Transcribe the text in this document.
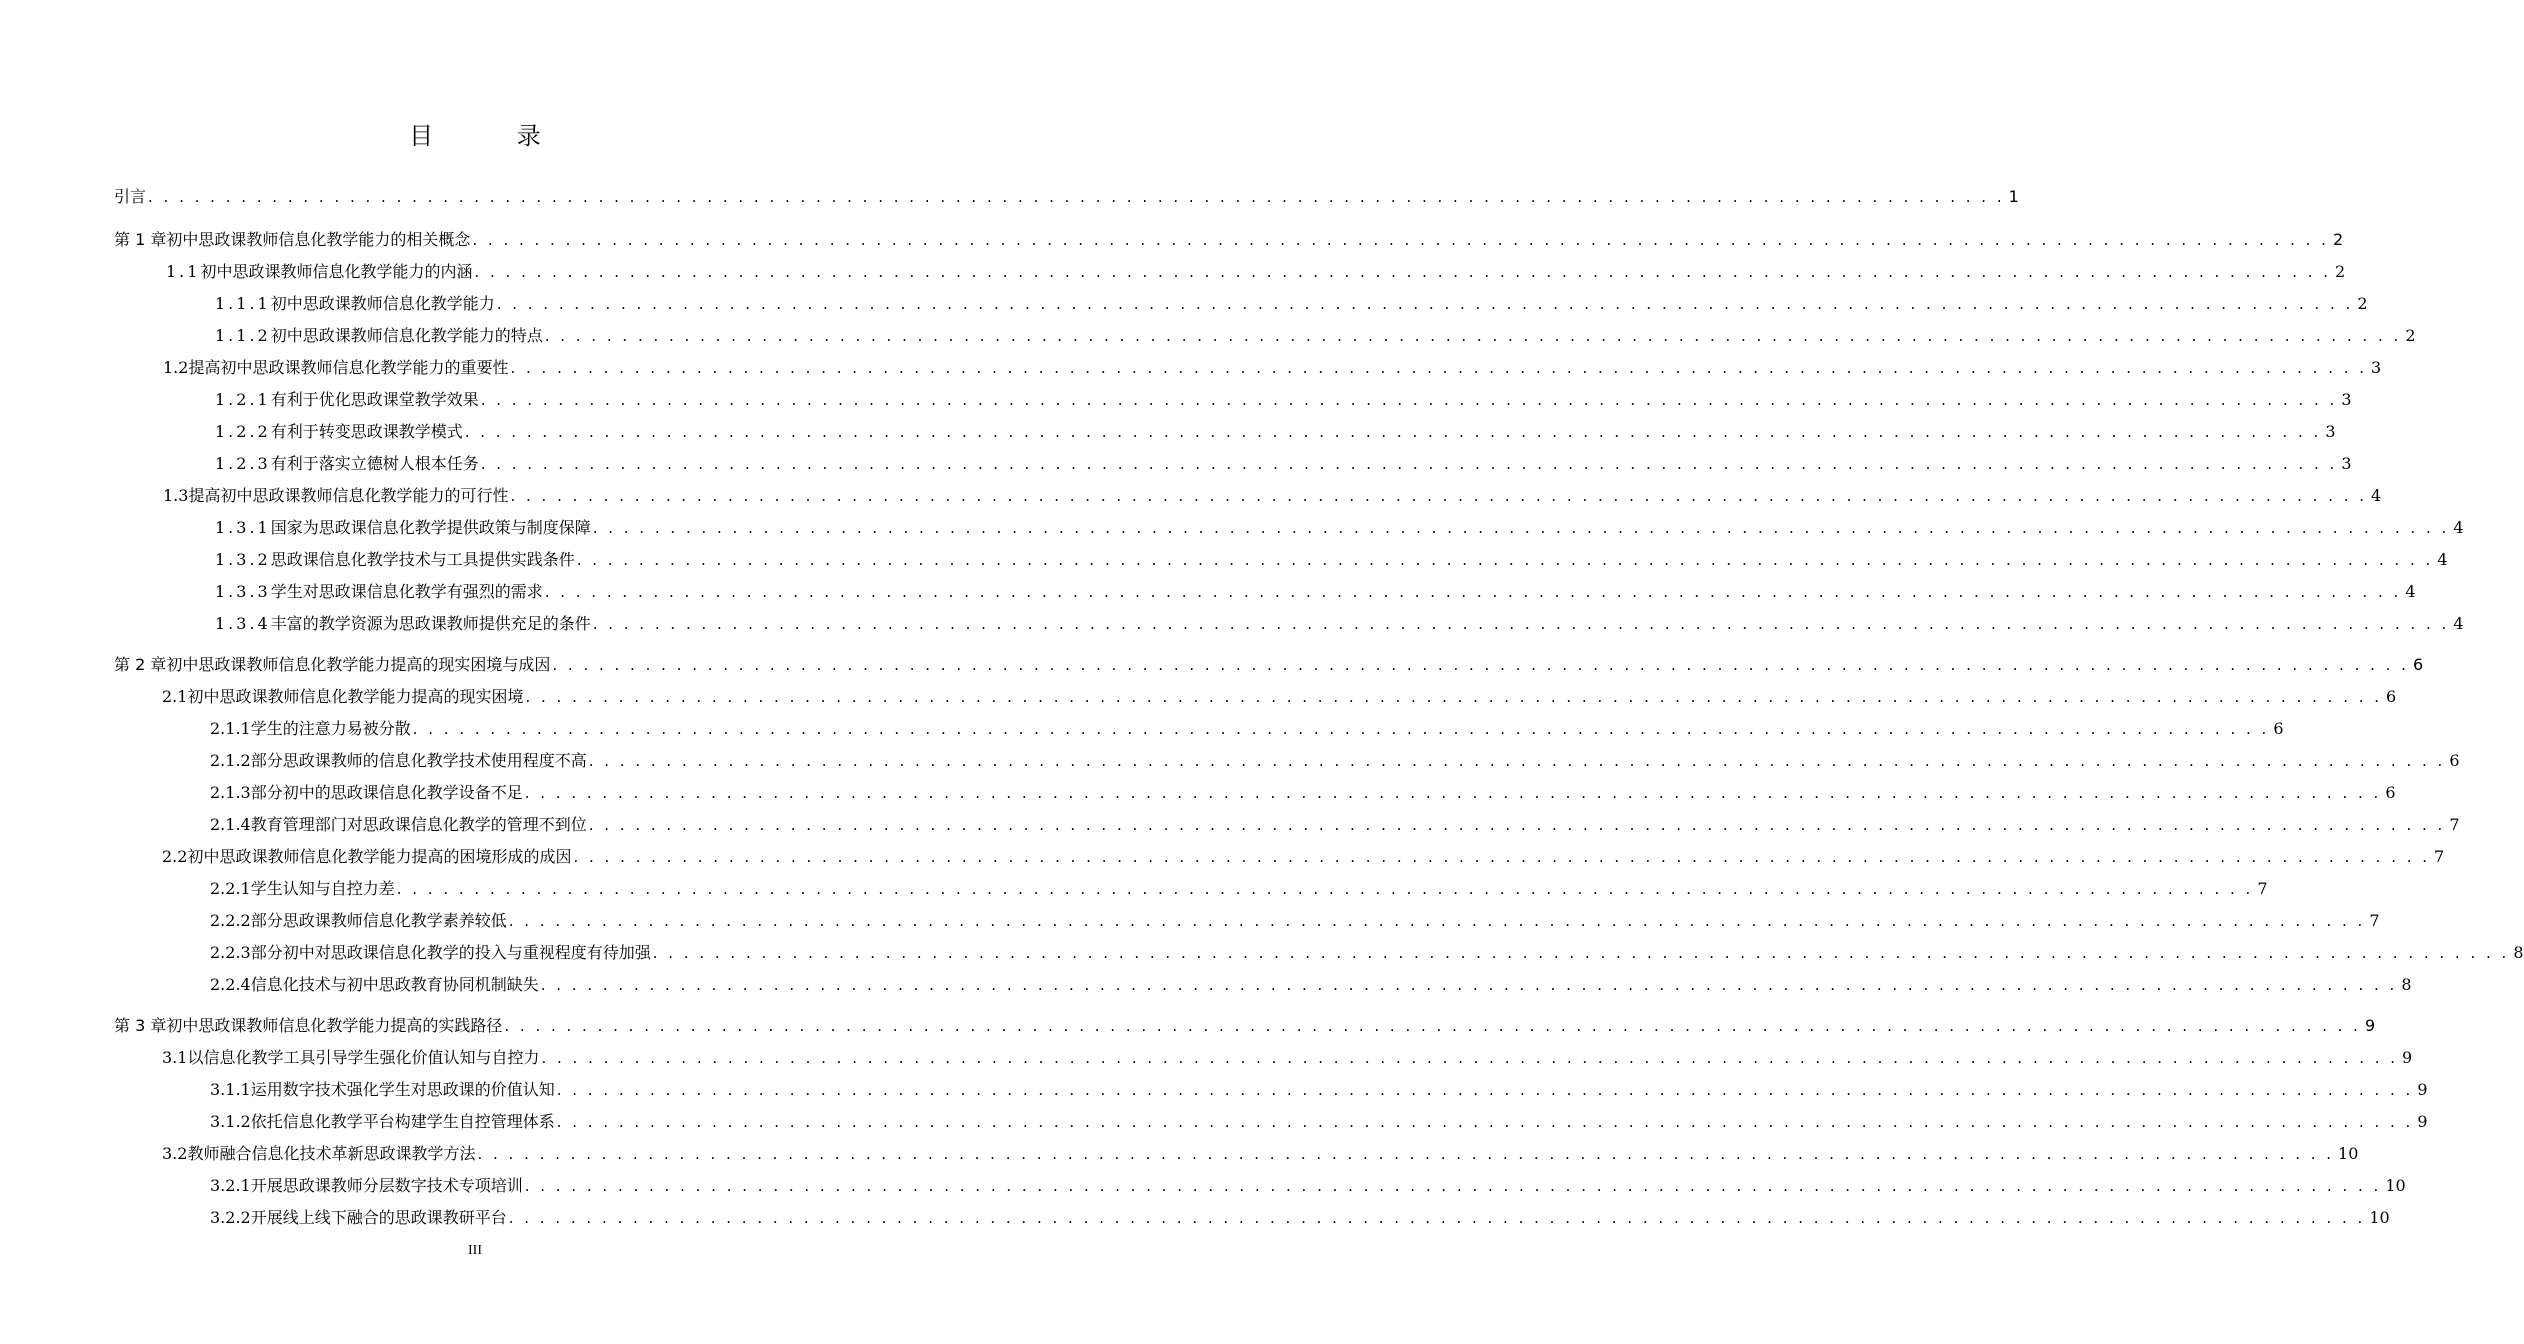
目 录
引言 . . . . . . . . . . . . . . . . . . . . . . . . . . . . . . . . . . . . . . . . . . . . . . . . . . . . . . . . . . . . . . . . . . . . . . . . . . . . . . . . . . . . . . . . . . . . . . . . . . . . . . . . . . . . . . . . . . . . . . . . 1
第 1 章 初中思政课教师信息化教学能力的相关概念 . . . . . . . . . . . . . . . . . . . . . . . . . . . . . . . . . . . . . . . . . . . . . . . . . . . . . . . . . . . . . . . . . . . . . . . . . . . . . . . . . . . . . . . . . . . . . . . . . . . . . . . . . . . . . . . . . . . . . . . . 2
1.1 初中思政课教师信息化教学能力的内涵 . . . . . . . . . . . . . . . . . . . . . . . . . . . . . . . . . . . . . . . . . . . . . . . . . . . . . . . . . . . . . . . . . . . . . . . . . . . . . . . . . . . . . . . . . . . . . . . . . . . . . . . . . . . . . . . . . . . . . . . . 2
1.1.1 初中思政课教师信息化教学能力 . . . . . . . . . . . . . . . . . . . . . . . . . . . . . . . . . . . . . . . . . . . . . . . . . . . . . . . . . . . . . . . . . . . . . . . . . . . . . . . . . . . . . . . . . . . . . . . . . . . . . . . . . . . . . . . . . . . . . . . . 2
1.1.2 初中思政课教师信息化教学能力的特点 . . . . . . . . . . . . . . . . . . . . . . . . . . . . . . . . . . . . . . . . . . . . . . . . . . . . . . . . . . . . . . . . . . . . . . . . . . . . . . . . . . . . . . . . . . . . . . . . . . . . . . . . . . . . . . . . . . . . . . . . 2
1.2 提高初中思政课教师信息化教学能力的重要性 . . . . . . . . . . . . . . . . . . . . . . . . . . . . . . . . . . . . . . . . . . . . . . . . . . . . . . . . . . . . . . . . . . . . . . . . . . . . . . . . . . . . . . . . . . . . . . . . . . . . . . . . . . . . . . . . . . . . . . . . 3
1.2.1 有利于优化思政课堂教学效果 . . . . . . . . . . . . . . . . . . . . . . . . . . . . . . . . . . . . . . . . . . . . . . . . . . . . . . . . . . . . . . . . . . . . . . . . . . . . . . . . . . . . . . . . . . . . . . . . . . . . . . . . . . . . . . . . . . . . . . . . 3
1.2.2 有利于转变思政课教学模式 . . . . . . . . . . . . . . . . . . . . . . . . . . . . . . . . . . . . . . . . . . . . . . . . . . . . . . . . . . . . . . . . . . . . . . . . . . . . . . . . . . . . . . . . . . . . . . . . . . . . . . . . . . . . . . . . . . . . . . . . 3
1.2.3 有利于落实立德树人根本任务 . . . . . . . . . . . . . . . . . . . . . . . . . . . . . . . . . . . . . . . . . . . . . . . . . . . . . . . . . . . . . . . . . . . . . . . . . . . . . . . . . . . . . . . . . . . . . . . . . . . . . . . . . . . . . . . . . . . . . . . . 3
1.3 提高初中思政课教师信息化教学能力的可行性 . . . . . . . . . . . . . . . . . . . . . . . . . . . . . . . . . . . . . . . . . . . . . . . . . . . . . . . . . . . . . . . . . . . . . . . . . . . . . . . . . . . . . . . . . . . . . . . . . . . . . . . . . . . . . . . . . . . . . . . . 4
1.3.1 国家为思政课信息化教学提供政策与制度保障 . . . . . . . . . . . . . . . . . . . . . . . . . . . . . . . . . . . . . . . . . . . . . . . . . . . . . . . . . . . . . . . . . . . . . . . . . . . . . . . . . . . . . . . . . . . . . . . . . . . . . . . . . . . . . . . . . . . . . . . . 4
1.3.2 思政课信息化教学技术与工具提供实践条件 . . . . . . . . . . . . . . . . . . . . . . . . . . . . . . . . . . . . . . . . . . . . . . . . . . . . . . . . . . . . . . . . . . . . . . . . . . . . . . . . . . . . . . . . . . . . . . . . . . . . . . . . . . . . . . . . . . . . . . . . 4
1.3.3 学生对思政课信息化教学有强烈的需求 . . . . . . . . . . . . . . . . . . . . . . . . . . . . . . . . . . . . . . . . . . . . . . . . . . . . . . . . . . . . . . . . . . . . . . . . . . . . . . . . . . . . . . . . . . . . . . . . . . . . . . . . . . . . . . . . . . . . . . . . 4
1.3.4 丰富的教学资源为思政课教师提供充足的条件 . . . . . . . . . . . . . . . . . . . . . . . . . . . . . . . . . . . . . . . . . . . . . . . . . . . . . . . . . . . . . . . . . . . . . . . . . . . . . . . . . . . . . . . . . . . . . . . . . . . . . . . . . . . . . . . . . . . . . . . . 4
第 2 章 初中思政课教师信息化教学能力提高的现实困境与成因 . . . . . . . . . . . . . . . . . . . . . . . . . . . . . . . . . . . . . . . . . . . . . . . . . . . . . . . . . . . . . . . . . . . . . . . . . . . . . . . . . . . . . . . . . . . . . . . . . . . . . . . . . . . . . . . . . . . . . . . . 6
2.1 初中思政课教师信息化教学能力提高的现实困境 . . . . . . . . . . . . . . . . . . . . . . . . . . . . . . . . . . . . . . . . . . . . . . . . . . . . . . . . . . . . . . . . . . . . . . . . . . . . . . . . . . . . . . . . . . . . . . . . . . . . . . . . . . . . . . . . . . . . . . . . 6
2.1.1 学生的注意力易被分散 . . . . . . . . . . . . . . . . . . . . . . . . . . . . . . . . . . . . . . . . . . . . . . . . . . . . . . . . . . . . . . . . . . . . . . . . . . . . . . . . . . . . . . . . . . . . . . . . . . . . . . . . . . . . . . . . . . . . . . . . 6
2.1.2 部分思政课教师的信息化教学技术使用程度不高 . . . . . . . . . . . . . . . . . . . . . . . . . . . . . . . . . . . . . . . . . . . . . . . . . . . . . . . . . . . . . . . . . . . . . . . . . . . . . . . . . . . . . . . . . . . . . . . . . . . . . . . . . . . . . . . . . . . . . . . . 6
2.1.3 部分初中的思政课信息化教学设备不足 . . . . . . . . . . . . . . . . . . . . . . . . . . . . . . . . . . . . . . . . . . . . . . . . . . . . . . . . . . . . . . . . . . . . . . . . . . . . . . . . . . . . . . . . . . . . . . . . . . . . . . . . . . . . . . . . . . . . . . . . 6
2.1.4 教育管理部门对思政课信息化教学的管理不到位 . . . . . . . . . . . . . . . . . . . . . . . . . . . . . . . . . . . . . . . . . . . . . . . . . . . . . . . . . . . . . . . . . . . . . . . . . . . . . . . . . . . . . . . . . . . . . . . . . . . . . . . . . . . . . . . . . . . . . . . . 7
2.2 初中思政课教师信息化教学能力提高的困境形成的成因 . . . . . . . . . . . . . . . . . . . . . . . . . . . . . . . . . . . . . . . . . . . . . . . . . . . . . . . . . . . . . . . . . . . . . . . . . . . . . . . . . . . . . . . . . . . . . . . . . . . . . . . . . . . . . . . . . . . . . . . . 7
2.2.1 学生认知与自控力差 . . . . . . . . . . . . . . . . . . . . . . . . . . . . . . . . . . . . . . . . . . . . . . . . . . . . . . . . . . . . . . . . . . . . . . . . . . . . . . . . . . . . . . . . . . . . . . . . . . . . . . . . . . . . . . . . . . . . . . . . 7
2.2.2 部分思政课教师信息化教学素养较低 . . . . . . . . . . . . . . . . . . . . . . . . . . . . . . . . . . . . . . . . . . . . . . . . . . . . . . . . . . . . . . . . . . . . . . . . . . . . . . . . . . . . . . . . . . . . . . . . . . . . . . . . . . . . . . . . . . . . . . . . 7
2.2.3 部分初中对思政课信息化教学的投入与重视程度有待加强 . . . . . . . . . . . . . . . . . . . . . . . . . . . . . . . . . . . . . . . . . . . . . . . . . . . . . . . . . . . . . . . . . . . . . . . . . . . . . . . . . . . . . . . . . . . . . . . . . . . . . . . . . . . . . . . . . . . . . . . . 8
2.2.4 信息化技术与初中思政教育协同机制缺失 . . . . . . . . . . . . . . . . . . . . . . . . . . . . . . . . . . . . . . . . . . . . . . . . . . . . . . . . . . . . . . . . . . . . . . . . . . . . . . . . . . . . . . . . . . . . . . . . . . . . . . . . . . . . . . . . . . . . . . . . 8
第 3 章 初中思政课教师信息化教学能力提高的实践路径 . . . . . . . . . . . . . . . . . . . . . . . . . . . . . . . . . . . . . . . . . . . . . . . . . . . . . . . . . . . . . . . . . . . . . . . . . . . . . . . . . . . . . . . . . . . . . . . . . . . . . . . . . . . . . . . . . . . . . . . . 9
3.1 以信息化教学工具引导学生强化价值认知与自控力 . . . . . . . . . . . . . . . . . . . . . . . . . . . . . . . . . . . . . . . . . . . . . . . . . . . . . . . . . . . . . . . . . . . . . . . . . . . . . . . . . . . . . . . . . . . . . . . . . . . . . . . . . . . . . . . . . . . . . . . . 9
3.1.1 运用数字技术强化学生对思政课的价值认知 . . . . . . . . . . . . . . . . . . . . . . . . . . . . . . . . . . . . . . . . . . . . . . . . . . . . . . . . . . . . . . . . . . . . . . . . . . . . . . . . . . . . . . . . . . . . . . . . . . . . . . . . . . . . . . . . . . . . . . . . 9
3.1.2 依托信息化教学平台构建学生自控管理体系 . . . . . . . . . . . . . . . . . . . . . . . . . . . . . . . . . . . . . . . . . . . . . . . . . . . . . . . . . . . . . . . . . . . . . . . . . . . . . . . . . . . . . . . . . . . . . . . . . . . . . . . . . . . . . . . . . . . . . . . . 9
3.2 教师融合信息化技术革新思政课教学方法 . . . . . . . . . . . . . . . . . . . . . . . . . . . . . . . . . . . . . . . . . . . . . . . . . . . . . . . . . . . . . . . . . . . . . . . . . . . . . . . . . . . . . . . . . . . . . . . . . . . . . . . . . . . . . . . . . . . . . . . . 10
3.2.1 开展思政课教师分层数字技术专项培训 . . . . . . . . . . . . . . . . . . . . . . . . . . . . . . . . . . . . . . . . . . . . . . . . . . . . . . . . . . . . . . . . . . . . . . . . . . . . . . . . . . . . . . . . . . . . . . . . . . . . . . . . . . . . . . . . . . . . . . . . 10
3.2.2 开展线上线下融合的思政课教研平台 . . . . . . . . . . . . . . . . . . . . . . . . . . . . . . . . . . . . . . . . . . . . . . . . . . . . . . . . . . . . . . . . . . . . . . . . . . . . . . . . . . . . . . . . . . . . . . . . . . . . . . . . . . . . . . . . . . . . . . . . 10
III
